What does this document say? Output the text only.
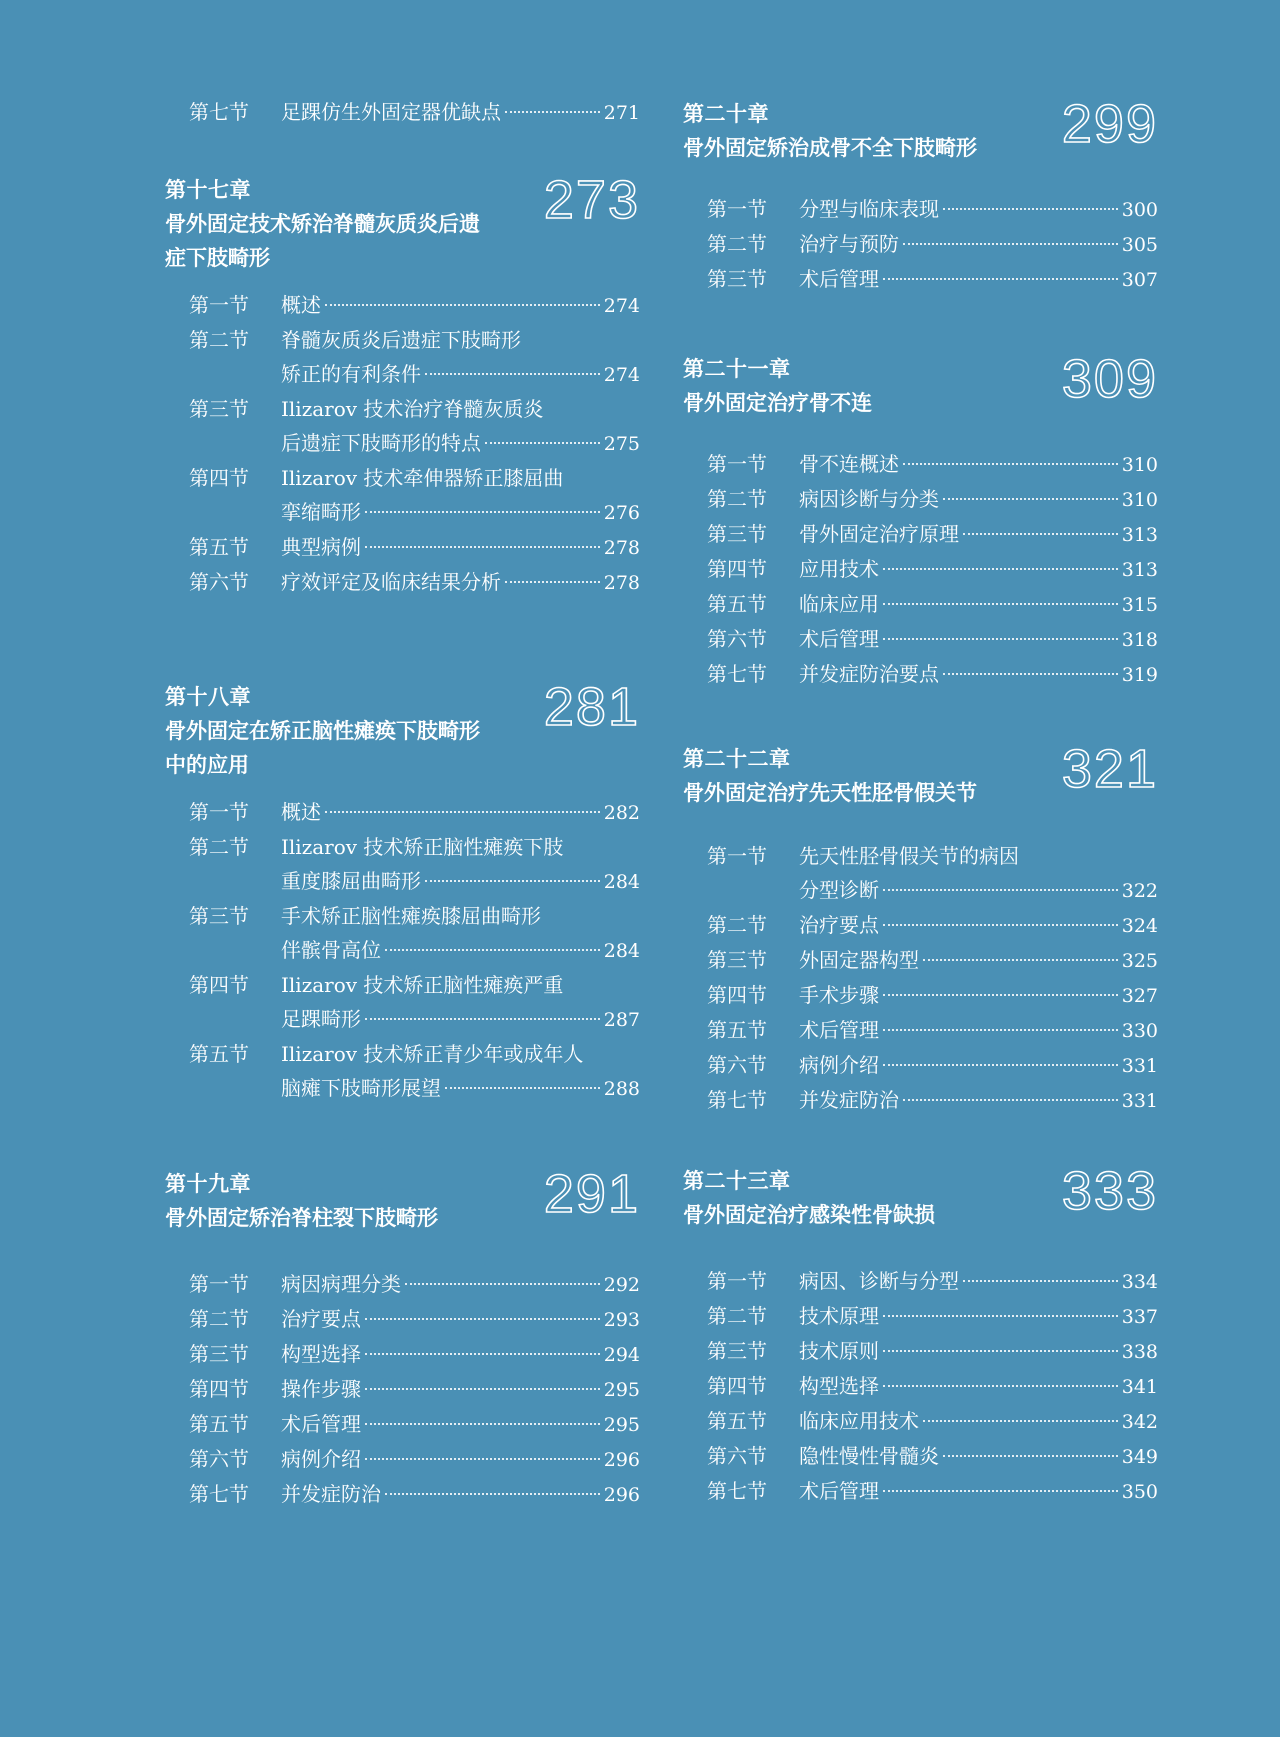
第七节	足踝仿生外固定器优缺点	271
第十七章
骨外固定技术矫治脊髓灰质炎后遗症下肢畸形
273
第一节	概述	274
第二节	脊髓灰质炎后遗症下肢畸形
矫正的有利条件	274
第三节	Ilizarov 技术治疗脊髓灰质炎
后遗症下肢畸形的特点	275
第四节	Ilizarov 技术牵伸器矫正膝屈曲
挛缩畸形	276
第五节	典型病例	278
第六节	疗效评定及临床结果分析	278
第十八章
骨外固定在矫正脑性瘫痪下肢畸形中的应用
281
第一节	概述	282
第二节	Ilizarov 技术矫正脑性瘫痪下肢
重度膝屈曲畸形	284
第三节	手术矫正脑性瘫痪膝屈曲畸形
伴髌骨高位	284
第四节	Ilizarov 技术矫正脑性瘫痪严重
足踝畸形	287
第五节	Ilizarov 技术矫正青少年或成年人
脑瘫下肢畸形展望	288
第十九章
骨外固定矫治脊柱裂下肢畸形	291
第一节	病因病理分类	292
第二节	治疗要点	293
第三节	构型选择	294
第四节	操作步骤	295
第五节	术后管理	295
第六节	病例介绍	296
第七节	并发症防治	296
第二十章
骨外固定矫治成骨不全下肢畸形	299
第一节	分型与临床表现	300
第二节	治疗与预防	305
第三节	术后管理	307
第二十一章
骨外固定治疗骨不连	309
第一节	骨不连概述	310
第二节	病因诊断与分类	310
第三节	骨外固定治疗原理	313
第四节	应用技术	313
第五节	临床应用	315
第六节	术后管理	318
第七节	并发症防治要点	319
第二十二章
骨外固定治疗先天性胫骨假关节	321
第一节	先天性胫骨假关节的病因
分型诊断	322
第二节	治疗要点	324
第三节	外固定器构型	325
第四节	手术步骤	327
第五节	术后管理	330
第六节	病例介绍	331
第七节	并发症防治	331
第二十三章
骨外固定治疗感染性骨缺损	333
第一节	病因、诊断与分型	334
第二节	技术原理	337
第三节	技术原则	338
第四节	构型选择	341
第五节	临床应用技术	342
第六节	隐性慢性骨髓炎	349
第七节	术后管理	350
